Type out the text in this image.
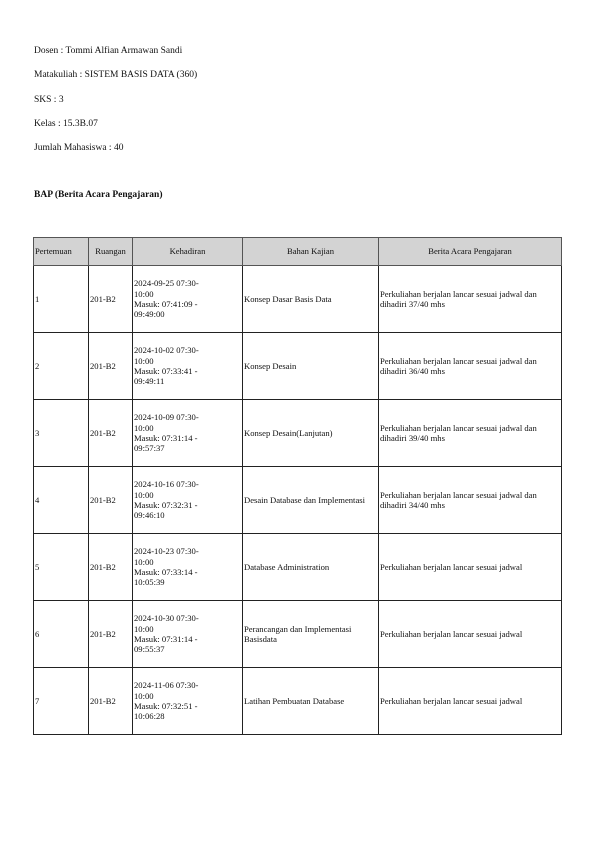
Dosen : Tommi Alfian Armawan Sandi
Matakuliah : SISTEM BASIS DATA (360)
SKS : 3
Kelas : 15.3B.07
Jumlah Mahasiswa : 40
BAP (Berita Acara Pengajaran)
Pertemuan	Ruangan	Kehadiran	Bahan Kajian	Berita Acara Pengajaran
1	201-B2	2024-09-25 07:30-
10:00
Masuk: 07:41:09 -
09:49:00	Konsep Dasar Basis Data	Perkuliahan berjalan lancar sesuai jadwal dan dihadiri 37/40 mhs
2	201-B2	2024-10-02 07:30-
10:00
Masuk: 07:33:41 -
09:49:11	Konsep Desain	Perkuliahan berjalan lancar sesuai jadwal dan dihadiri 36/40 mhs
3	201-B2	2024-10-09 07:30-
10:00
Masuk: 07:31:14 -
09:57:37	Konsep Desain(Lanjutan)	Perkuliahan berjalan lancar sesuai jadwal dan dihadiri 39/40 mhs
4	201-B2	2024-10-16 07:30-
10:00
Masuk: 07:32:31 -
09:46:10	Desain Database dan Implementasi	Perkuliahan berjalan lancar sesuai jadwal dan dihadiri 34/40 mhs
5	201-B2	2024-10-23 07:30-
10:00
Masuk: 07:33:14 -
10:05:39	Database Administration	Perkuliahan berjalan lancar sesuai jadwal
6	201-B2	2024-10-30 07:30-
10:00
Masuk: 07:31:14 -
09:55:37	Perancangan dan Implementasi Basisdata	Perkuliahan berjalan lancar sesuai jadwal
7	201-B2	2024-11-06 07:30-
10:00
Masuk: 07:32:51 -
10:06:28	Latihan Pembuatan Database	Perkuliahan berjalan lancar sesuai jadwal
